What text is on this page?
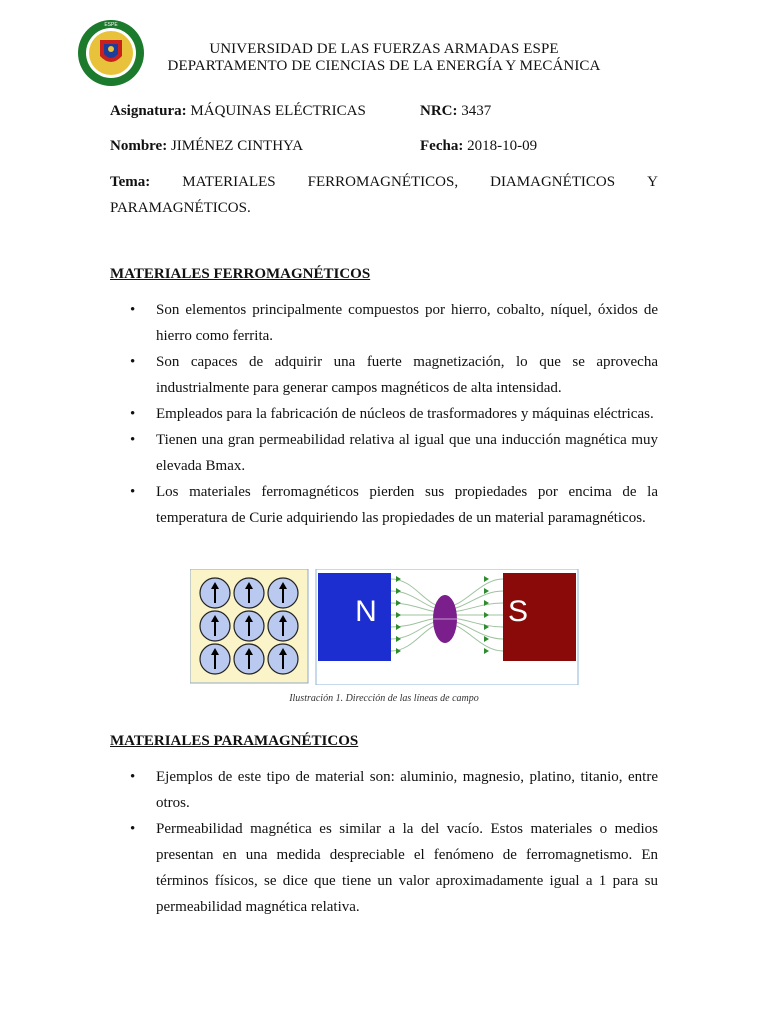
ESPE
UNIVERSIDAD DE LAS FUERZAS ARMADAS ESPE
DEPARTAMENTO DE CIENCIAS DE LA ENERGÍA Y MECÁNICA
Asignatura: MÁQUINAS ELÉCTRICAS	NRC: 3437
Nombre: JIMÉNEZ CINTHYA	Fecha: 2018-10-09
Tema: MATERIALES FERROMAGNÉTICOS, DIAMAGNÉTICOS Y
PARAMAGNÉTICOS.
MATERIALES FERROMAGNÉTICOS
• Son elementos principalmente compuestos por hierro, cobalto, níquel, óxidos de hierro como ferrita.
• Son capaces de adquirir una fuerte magnetización, lo que se aprovecha industrialmente para generar campos magnéticos de alta intensidad.
• Empleados para la fabricación de núcleos de trasformadores y máquinas eléctricas.
• Tienen una gran permeabilidad relativa al igual que una inducción magnética muy elevada Bmax.
• Los materiales ferromagnéticos pierden sus propiedades por encima de la temperatura de Curie adquiriendo las propiedades de un material paramagnéticos.
N	S
Ilustración 1. Dirección de las líneas de campo
MATERIALES PARAMAGNÉTICOS
• Ejemplos de este tipo de material son: aluminio, magnesio, platino, titanio, entre otros.
• Permeabilidad magnética es similar a la del vacío. Estos materiales o medios presentan en una medida despreciable el fenómeno de ferromagnetismo. En términos físicos, se dice que tiene un valor aproximadamente igual a 1 para su permeabilidad magnética relativa.
